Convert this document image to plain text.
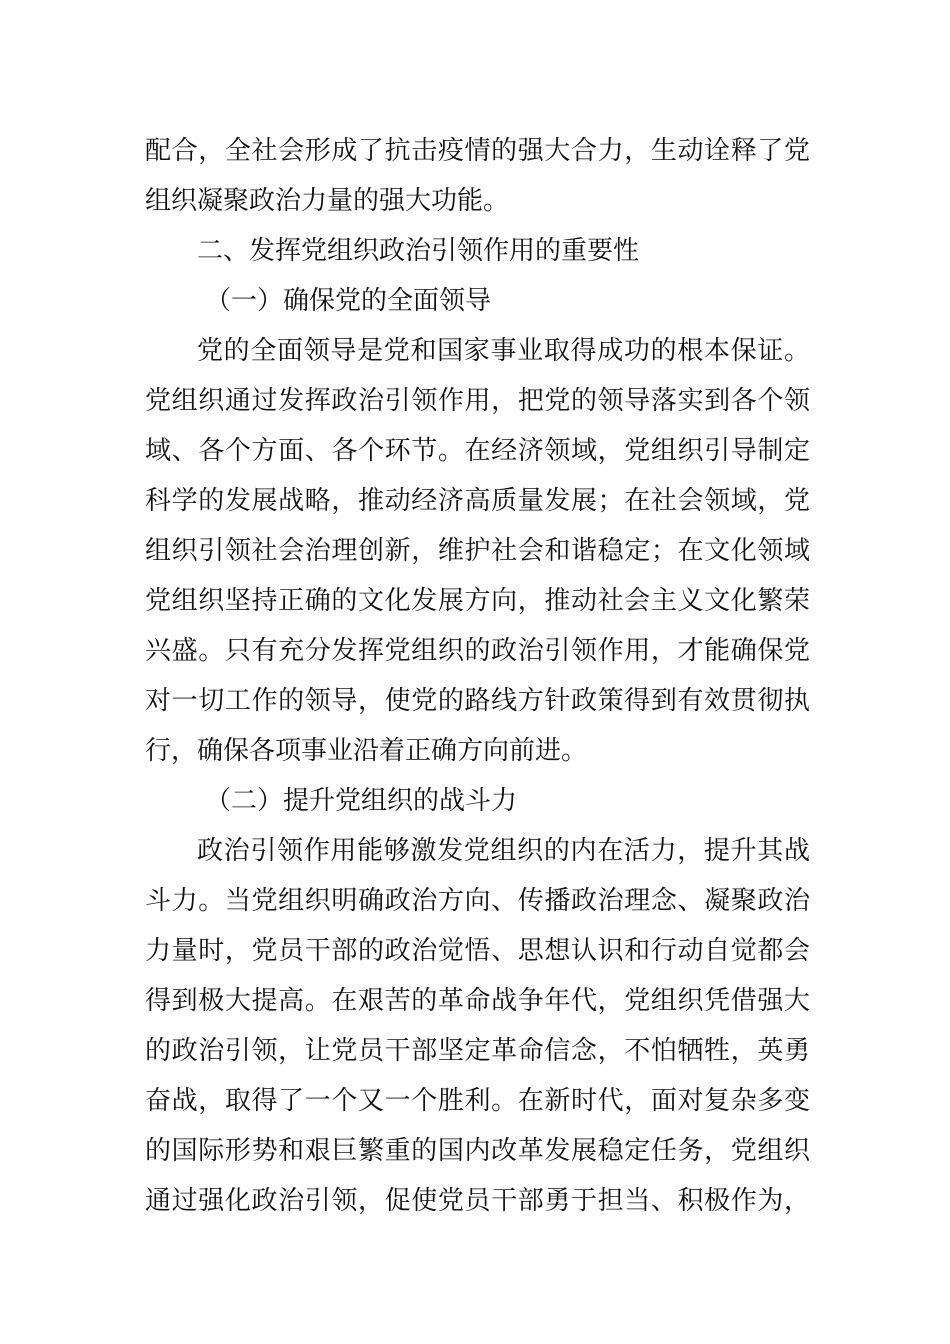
配合，全社会形成了抗击疫情的强大合力，生动诠释了党
组织凝聚政治力量的强大功能。
二、发挥党组织政治引领作用的重要性
（一）确保党的全面领导
党的全面领导是党和国家事业取得成功的根本保证。
党组织通过发挥政治引领作用，把党的领导落实到各个领
域、各个方面、各个环节。在经济领域，党组织引导制定
科学的发展战略，推动经济高质量发展；在社会领域，党
组织引领社会治理创新，维护社会和谐稳定；在文化领域
党组织坚持正确的文化发展方向，推动社会主义文化繁荣
兴盛。只有充分发挥党组织的政治引领作用，才能确保党
对一切工作的领导，使党的路线方针政策得到有效贯彻执
行，确保各项事业沿着正确方向前进。
（二）提升党组织的战斗力
政治引领作用能够激发党组织的内在活力，提升其战
斗力。当党组织明确政治方向、传播政治理念、凝聚政治
力量时，党员干部的政治觉悟、思想认识和行动自觉都会
得到极大提高。在艰苦的革命战争年代，党组织凭借强大
的政治引领，让党员干部坚定革命信念，不怕牺牲，英勇
奋战，取得了一个又一个胜利。在新时代，面对复杂多变
的国际形势和艰巨繁重的国内改革发展稳定任务，党组织
通过强化政治引领，促使党员干部勇于担当、积极作为，
